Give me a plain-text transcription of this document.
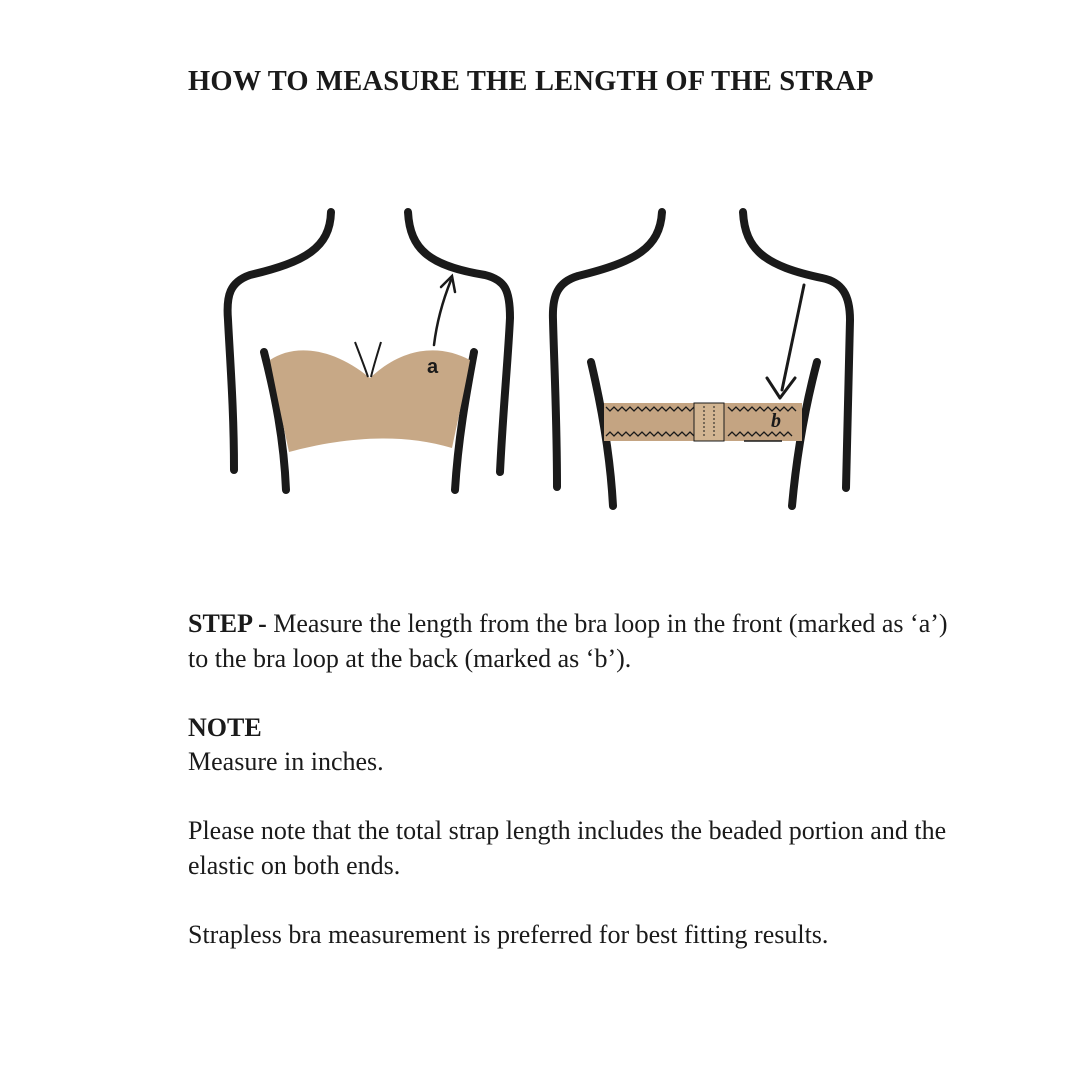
HOW TO MEASURE THE LENGTH OF THE STRAP
a
b
STEP - Measure the length from the bra loop in the front (marked as ‘a’) to the bra loop at the back (marked as ‘b’).
NOTE
Measure in inches.
Please note that the total strap length includes the beaded portion and the elastic on both ends.
Strapless bra measurement is preferred for best fitting results.
